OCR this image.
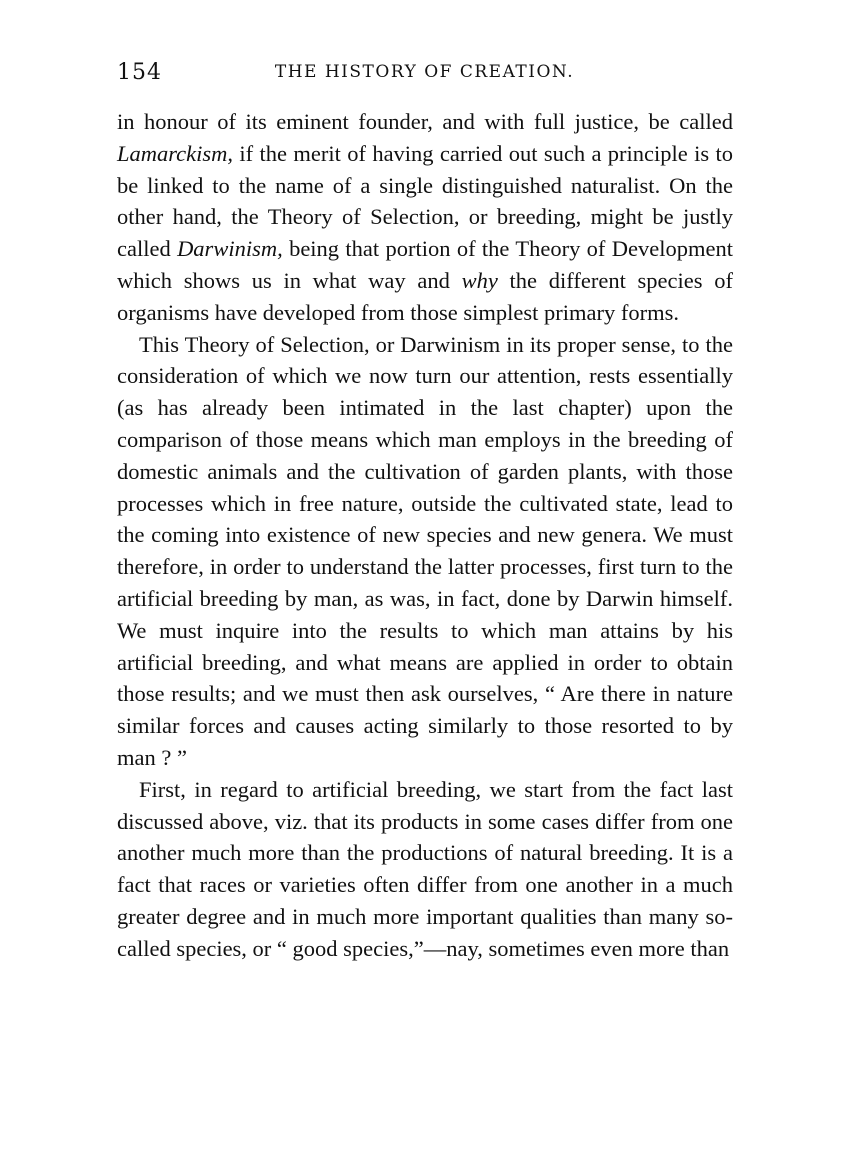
154	THE HISTORY OF CREATION.

in honour of its eminent founder, and with full justice, be called Lamarckism, if the merit of having carried out such a principle is to be linked to the name of a single distinguished naturalist. On the other hand, the Theory of Selection, or breeding, might be justly called Darwinism, being that portion of the Theory of Development which shows us in what way and why the different species of organisms have developed from those simplest primary forms.

This Theory of Selection, or Darwinism in its proper sense, to the consideration of which we now turn our attention, rests essentially (as has already been intimated in the last chapter) upon the comparison of those means which man employs in the breeding of domestic animals and the cultivation of garden plants, with those processes which in free nature, outside the cultivated state, lead to the coming into existence of new species and new genera. We must therefore, in order to understand the latter processes, first turn to the artificial breeding by man, as was, in fact, done by Darwin himself. We must inquire into the results to which man attains by his artificial breeding, and what means are applied in order to obtain those results; and we must then ask ourselves, “ Are there in nature similar forces and causes acting similarly to those resorted to by man ? ”

First, in regard to artificial breeding, we start from the fact last discussed above, viz. that its products in some cases differ from one another much more than the productions of natural breeding. It is a fact that races or varieties often differ from one another in a much greater degree and in much more important qualities than many so-called species, or “ good species,”—nay, sometimes even more than
